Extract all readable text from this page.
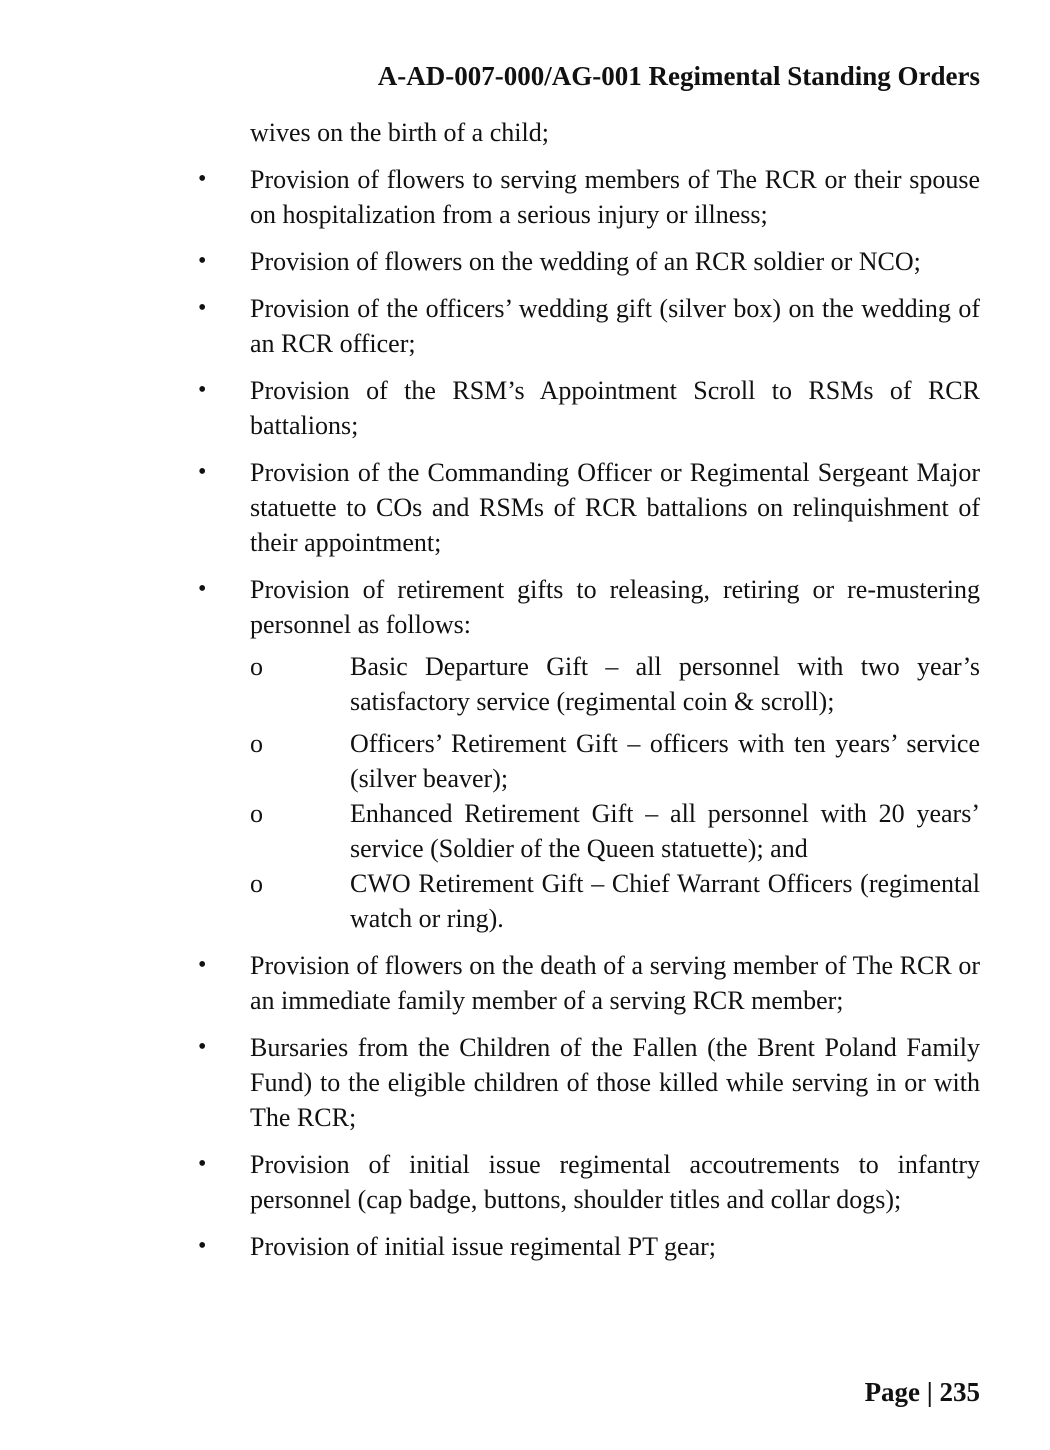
A-AD-007-000/AG-001 Regimental Standing Orders

wives on the birth of a child;

• Provision of flowers to serving members of The RCR or their spouse on hospitalization from a serious injury or illness;
• Provision of flowers on the wedding of an RCR soldier or NCO;
• Provision of the officers’ wedding gift (silver box) on the wedding of an RCR officer;
• Provision of the RSM’s Appointment Scroll to RSMs of RCR battalions;
• Provision of the Commanding Officer or Regimental Sergeant Major statuette to COs and RSMs of RCR battalions on relinquishment of their appointment;
• Provision of retirement gifts to releasing, retiring or re-mustering personnel as follows:
o	Basic Departure Gift – all personnel with two year’s satisfactory service (regimental coin & scroll);
o	Officers’ Retirement Gift – officers with ten years’ service (silver beaver);
o	Enhanced Retirement Gift – all personnel with 20 years’ service (Soldier of the Queen statuette); and
o	CWO Retirement Gift – Chief Warrant Officers (regimental watch or ring).
• Provision of flowers on the death of a serving member of The RCR or an immediate family member of a serving RCR member;
• Bursaries from the Children of the Fallen (the Brent Poland Family Fund) to the eligible children of those killed while serving in or with The RCR;
• Provision of initial issue regimental accoutrements to infantry personnel (cap badge, buttons, shoulder titles and collar dogs);
• Provision of initial issue regimental PT gear;
Page | 235
